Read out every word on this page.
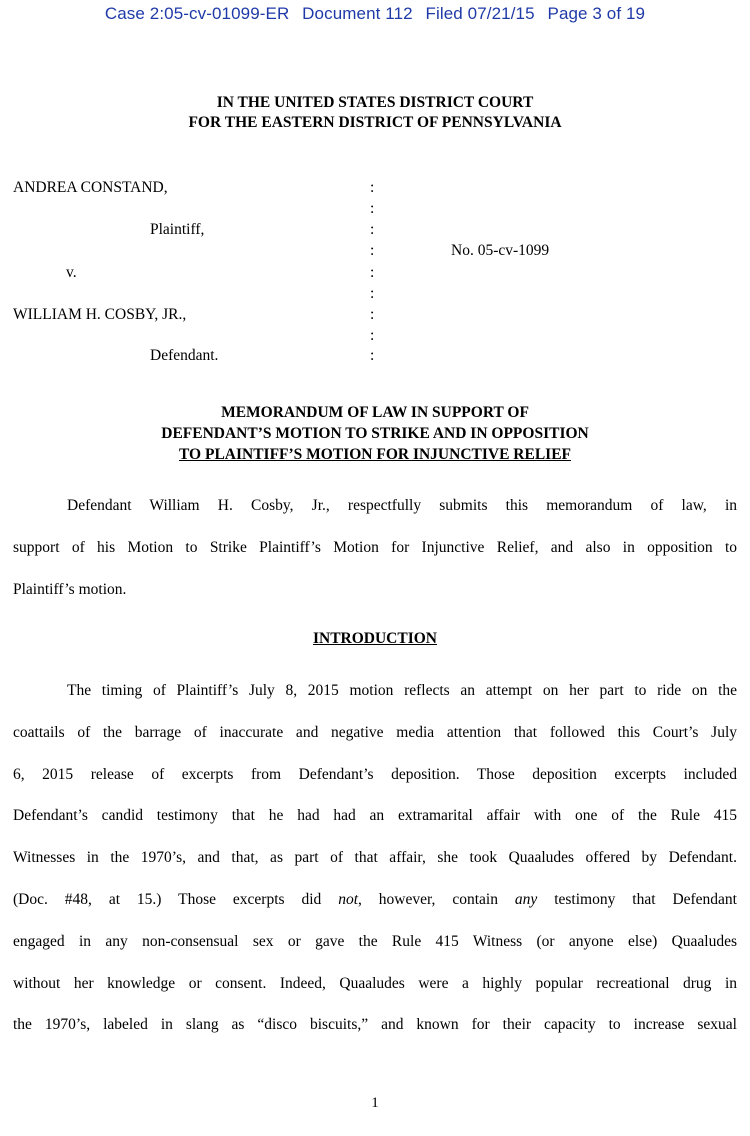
Case 2:05-cv-01099-ER Document 112 Filed 07/21/15 Page 3 of 19
IN THE UNITED STATES DISTRICT COURT
FOR THE EASTERN DISTRICT OF PENNSYLVANIA
ANDREA CONSTAND,
Plaintiff,
v.
WILLIAM H. COSBY, JR.,
Defendant.
No. 05-cv-1099
:
:
:
:
:
:
:
:
:
MEMORANDUM OF LAW IN SUPPORT OF
DEFENDANT’S MOTION TO STRIKE AND IN OPPOSITION
TO PLAINTIFF’S MOTION FOR INJUNCTIVE RELIEF
Defendant William H. Cosby, Jr., respectfully submits this memorandum of law, in
support of his Motion to Strike Plaintiff’s Motion for Injunctive Relief, and also in opposition to
Plaintiff’s motion.
INTRODUCTION
The timing of Plaintiff’s July 8, 2015 motion reflects an attempt on her part to ride on the
coattails of the barrage of inaccurate and negative media attention that followed this Court’s July
6, 2015 release of excerpts from Defendant’s deposition. Those deposition excerpts included
Defendant’s candid testimony that he had had an extramarital affair with one of the Rule 415
Witnesses in the 1970’s, and that, as part of that affair, she took Quaaludes offered by Defendant.
(Doc. #48, at 15.) Those excerpts did not, however, contain any testimony that Defendant
engaged in any non-consensual sex or gave the Rule 415 Witness (or anyone else) Quaaludes
without her knowledge or consent. Indeed, Quaaludes were a highly popular recreational drug in
the 1970’s, labeled in slang as “disco biscuits,” and known for their capacity to increase sexual
1
